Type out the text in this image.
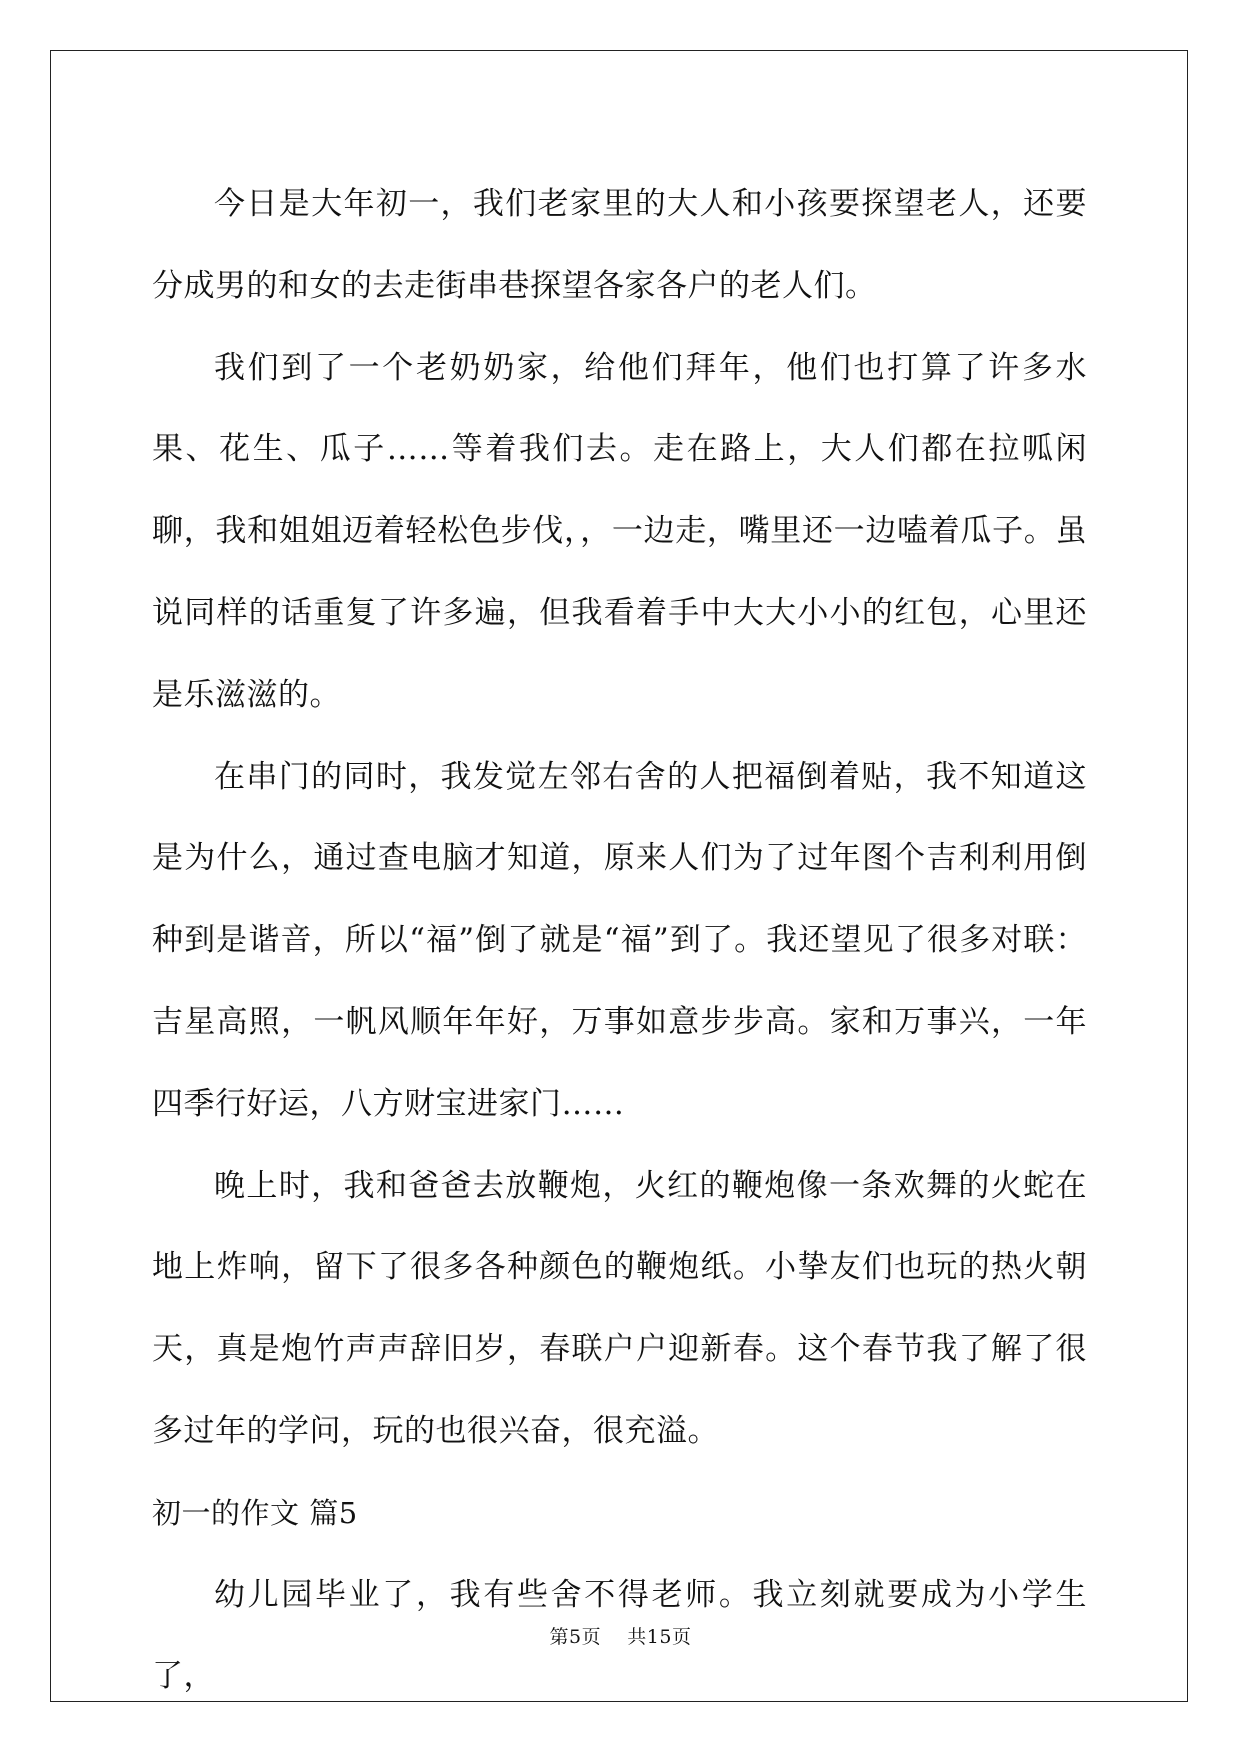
今日是大年初一，我们老家里的大人和小孩要探望老人，还要分成男的和女的去走街串巷探望各家各户的老人们。

我们到了一个老奶奶家，给他们拜年，他们也打算了许多水果、花生、瓜子……等着我们去。走在路上，大人们都在拉呱闲聊，我和姐姐迈着轻松色步伐，，一边走，嘴里还一边嗑着瓜子。虽说同样的话重复了许多遍，但我看着手中大大小小的红包，心里还是乐滋滋的。

在串门的同时，我发觉左邻右舍的人把福倒着贴，我不知道这是为什么，通过查电脑才知道，原来人们为了过年图个吉利利用倒种到是谐音，所以“福”倒了就是“福”到了。我还望见了很多对联：吉星高照，一帆风顺年年好，万事如意步步高。家和万事兴，一年四季行好运，八方财宝进家门……

晚上时，我和爸爸去放鞭炮，火红的鞭炮像一条欢舞的火蛇在地上炸响，留下了很多各种颜色的鞭炮纸。小挚友们也玩的热火朝天，真是炮竹声声辞旧岁，春联户户迎新春。这个春节我了解了很多过年的学问，玩的也很兴奋，很充溢。

初一的作文 篇5

幼儿园毕业了，我有些舍不得老师。我立刻就要成为小学生了，

第5页 共15页
